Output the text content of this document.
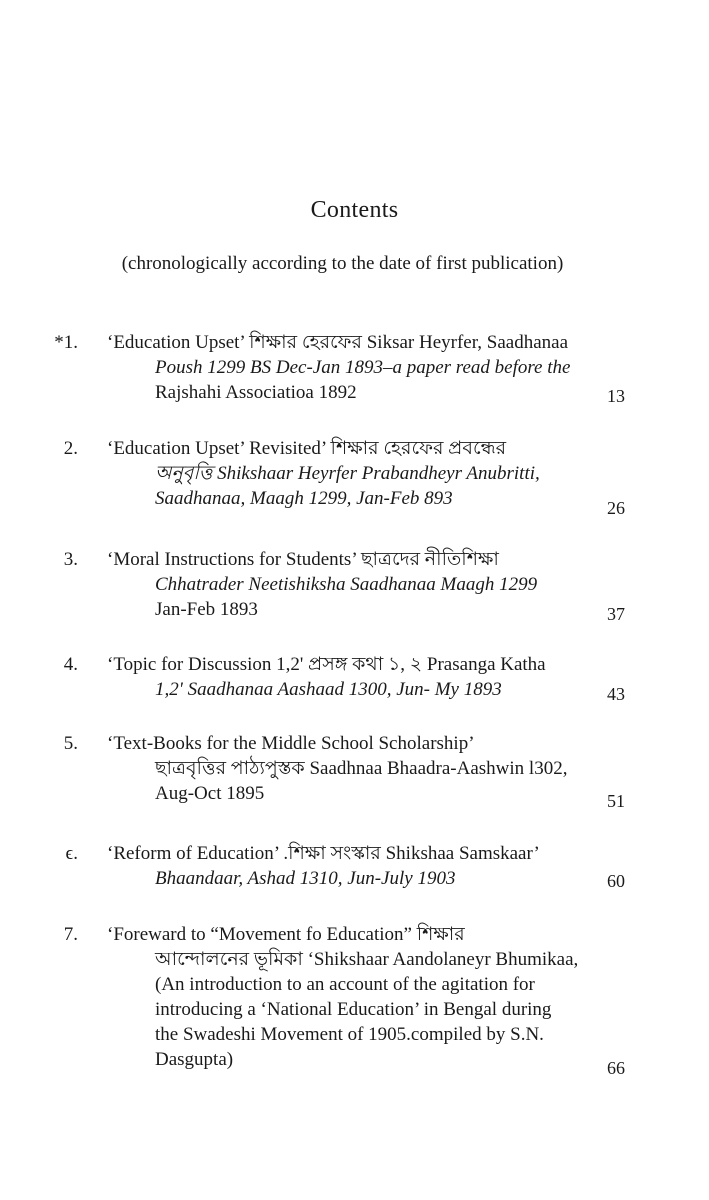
Contents
(chronologically according to the date of first publication)
*1. ‘Education Upset’ শিক্ষার হেরফের Siksar Heyrfer, Saadhanaa
Poush 1299 BS Dec-Jan 1893–a paper read before the
Rajshahi Associatioa 1892	13
2. ‘Education Upset’ Revisited’ শিক্ষার হেরফের প্রবন্ধের
অনুবৃত্তি Shikshaar Heyrfer Prabandheyr Anubritti,
Saadhanaa, Maagh 1299, Jan-Feb 893	26
3. ‘Moral Instructions for Students’ ছাত্রদের নীতিশিক্ষা
Chhatrader Neetishiksha Saadhanaa Maagh 1299
Jan-Feb 1893	37
4. ‘Topic for Discussion 1,2' প্রসঙ্গ কথা ১, ২ Prasanga Katha
1,2' Saadhanaa Aashaad 1300, Jun- My 1893	43
5. ‘Text-Books for the Middle School Scholarship’
ছাত্রবৃত্তির পাঠ্যপুস্তক Saadhnaa Bhaadra-Aashwin l302,
Aug-Oct 1895	51
ϵ. ‘Reform of Education’ .শিক্ষা সংস্কার Shikshaa Samskaar’
Bhaandaar, Ashad 1310, Jun-July 1903	60
7. ‘Foreward to “Movement fo Education” শিক্ষার
আন্দোলনের ভূমিকা ‘Shikshaar Aandolaneyr Bhumikaa,
(An introduction to an account of the agitation for
introducing a ‘National Education’ in Bengal during
the Swadeshi Movement of 1905.compiled by S.N.
Dasgupta)	66
